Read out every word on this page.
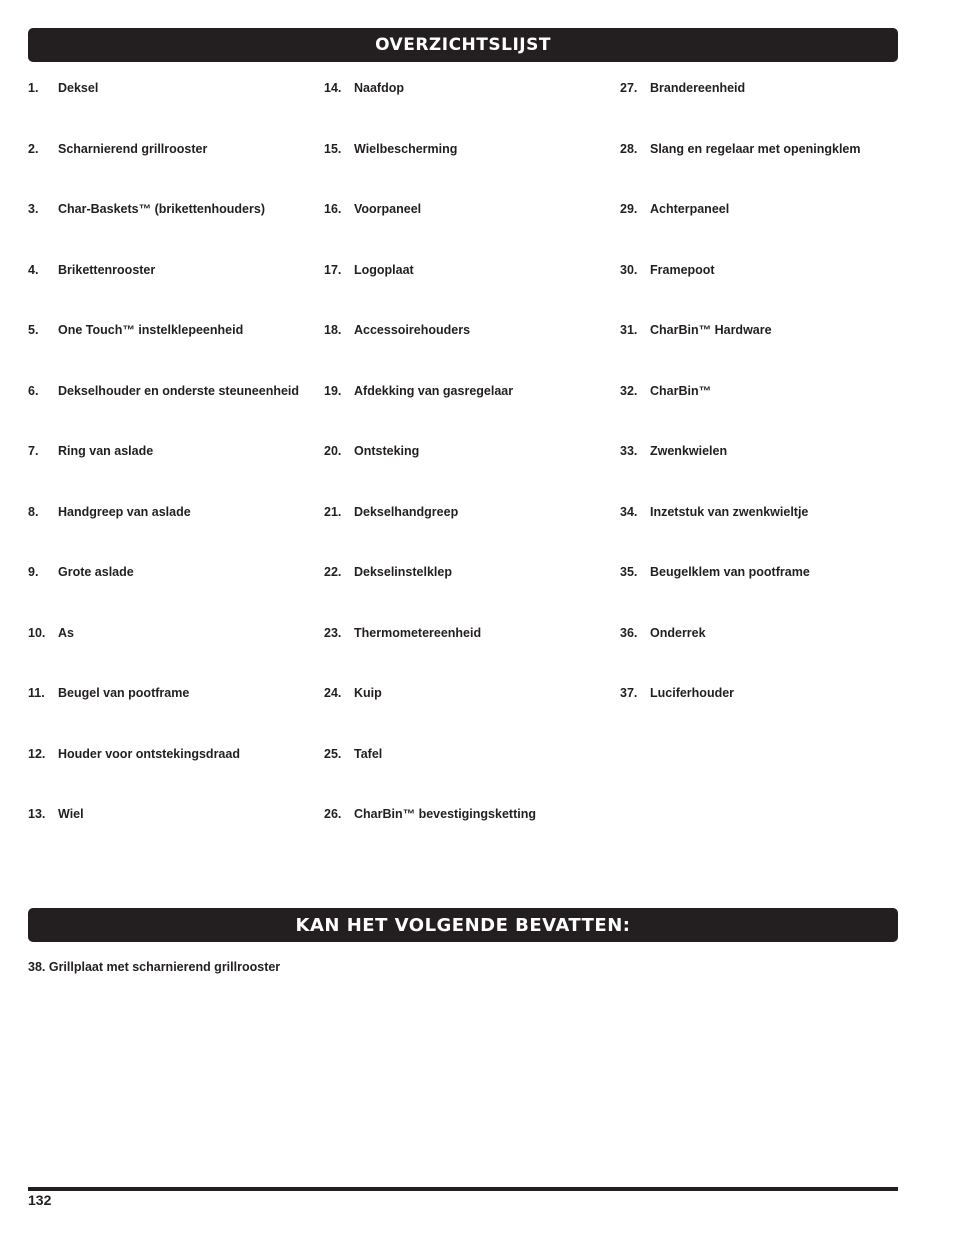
OVERZICHTSLIJST
1. Deksel
2. Scharnierend grillrooster
3. Char-Baskets™ (brikettenhouders)
4. Brikettenrooster
5. One Touch™ instelklepeenheid
6. Dekselhouder en onderste steuneenheid
7. Ring van aslade
8. Handgreep van aslade
9. Grote aslade
10. As
11. Beugel van pootframe
12. Houder voor ontstekingsdraad
13. Wiel
14. Naafdop
15. Wielbescherming
16. Voorpaneel
17. Logoplaat
18. Accessoirehouders
19. Afdekking van gasregelaar
20. Ontsteking
21. Dekselhandgreep
22. Dekselinstelklep
23. Thermometereenheid
24. Kuip
25. Tafel
26. CharBin™ bevestigingsketting
27. Brandereenheid
28. Slang en regelaar met openingklem
29. Achterpaneel
30. Framepoot
31. CharBin™ Hardware
32. CharBin™
33. Zwenkwielen
34. Inzetstuk van zwenkwieltje
35. Beugelklem van pootframe
36. Onderrek
37. Luciferhouder
KAN HET VOLGENDE BEVATTEN:
38. Grillplaat met scharnierend grillrooster
132
